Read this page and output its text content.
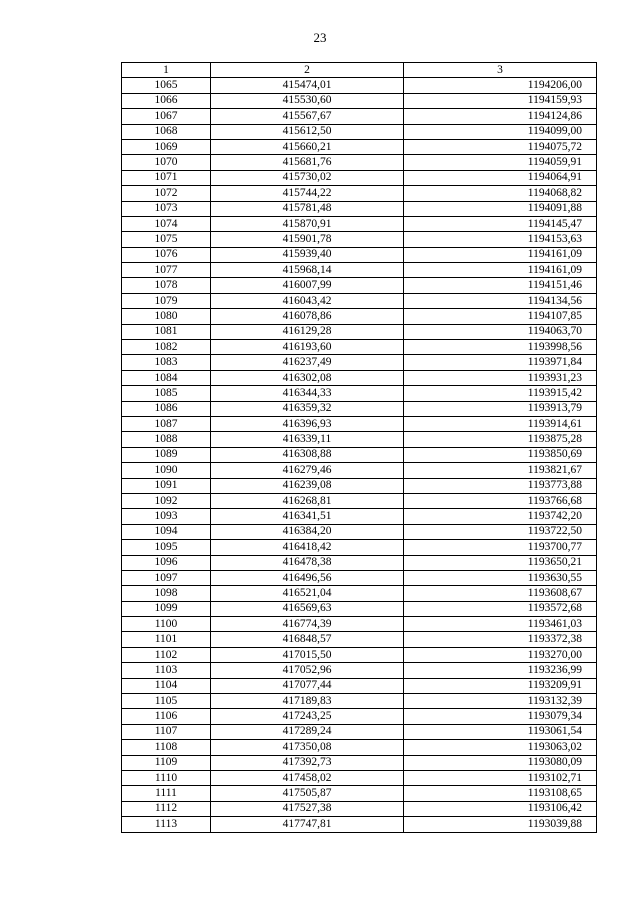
23
1	2	3
1065	415474,01	1194206,00
1066	415530,60	1194159,93
1067	415567,67	1194124,86
1068	415612,50	1194099,00
1069	415660,21	1194075,72
1070	415681,76	1194059,91
1071	415730,02	1194064,91
1072	415744,22	1194068,82
1073	415781,48	1194091,88
1074	415870,91	1194145,47
1075	415901,78	1194153,63
1076	415939,40	1194161,09
1077	415968,14	1194161,09
1078	416007,99	1194151,46
1079	416043,42	1194134,56
1080	416078,86	1194107,85
1081	416129,28	1194063,70
1082	416193,60	1193998,56
1083	416237,49	1193971,84
1084	416302,08	1193931,23
1085	416344,33	1193915,42
1086	416359,32	1193913,79
1087	416396,93	1193914,61
1088	416339,11	1193875,28
1089	416308,88	1193850,69
1090	416279,46	1193821,67
1091	416239,08	1193773,88
1092	416268,81	1193766,68
1093	416341,51	1193742,20
1094	416384,20	1193722,50
1095	416418,42	1193700,77
1096	416478,38	1193650,21
1097	416496,56	1193630,55
1098	416521,04	1193608,67
1099	416569,63	1193572,68
1100	416774,39	1193461,03
1101	416848,57	1193372,38
1102	417015,50	1193270,00
1103	417052,96	1193236,99
1104	417077,44	1193209,91
1105	417189,83	1193132,39
1106	417243,25	1193079,34
1107	417289,24	1193061,54
1108	417350,08	1193063,02
1109	417392,73	1193080,09
1110	417458,02	1193102,71
1111	417505,87	1193108,65
1112	417527,38	1193106,42
1113	417747,81	1193039,88
